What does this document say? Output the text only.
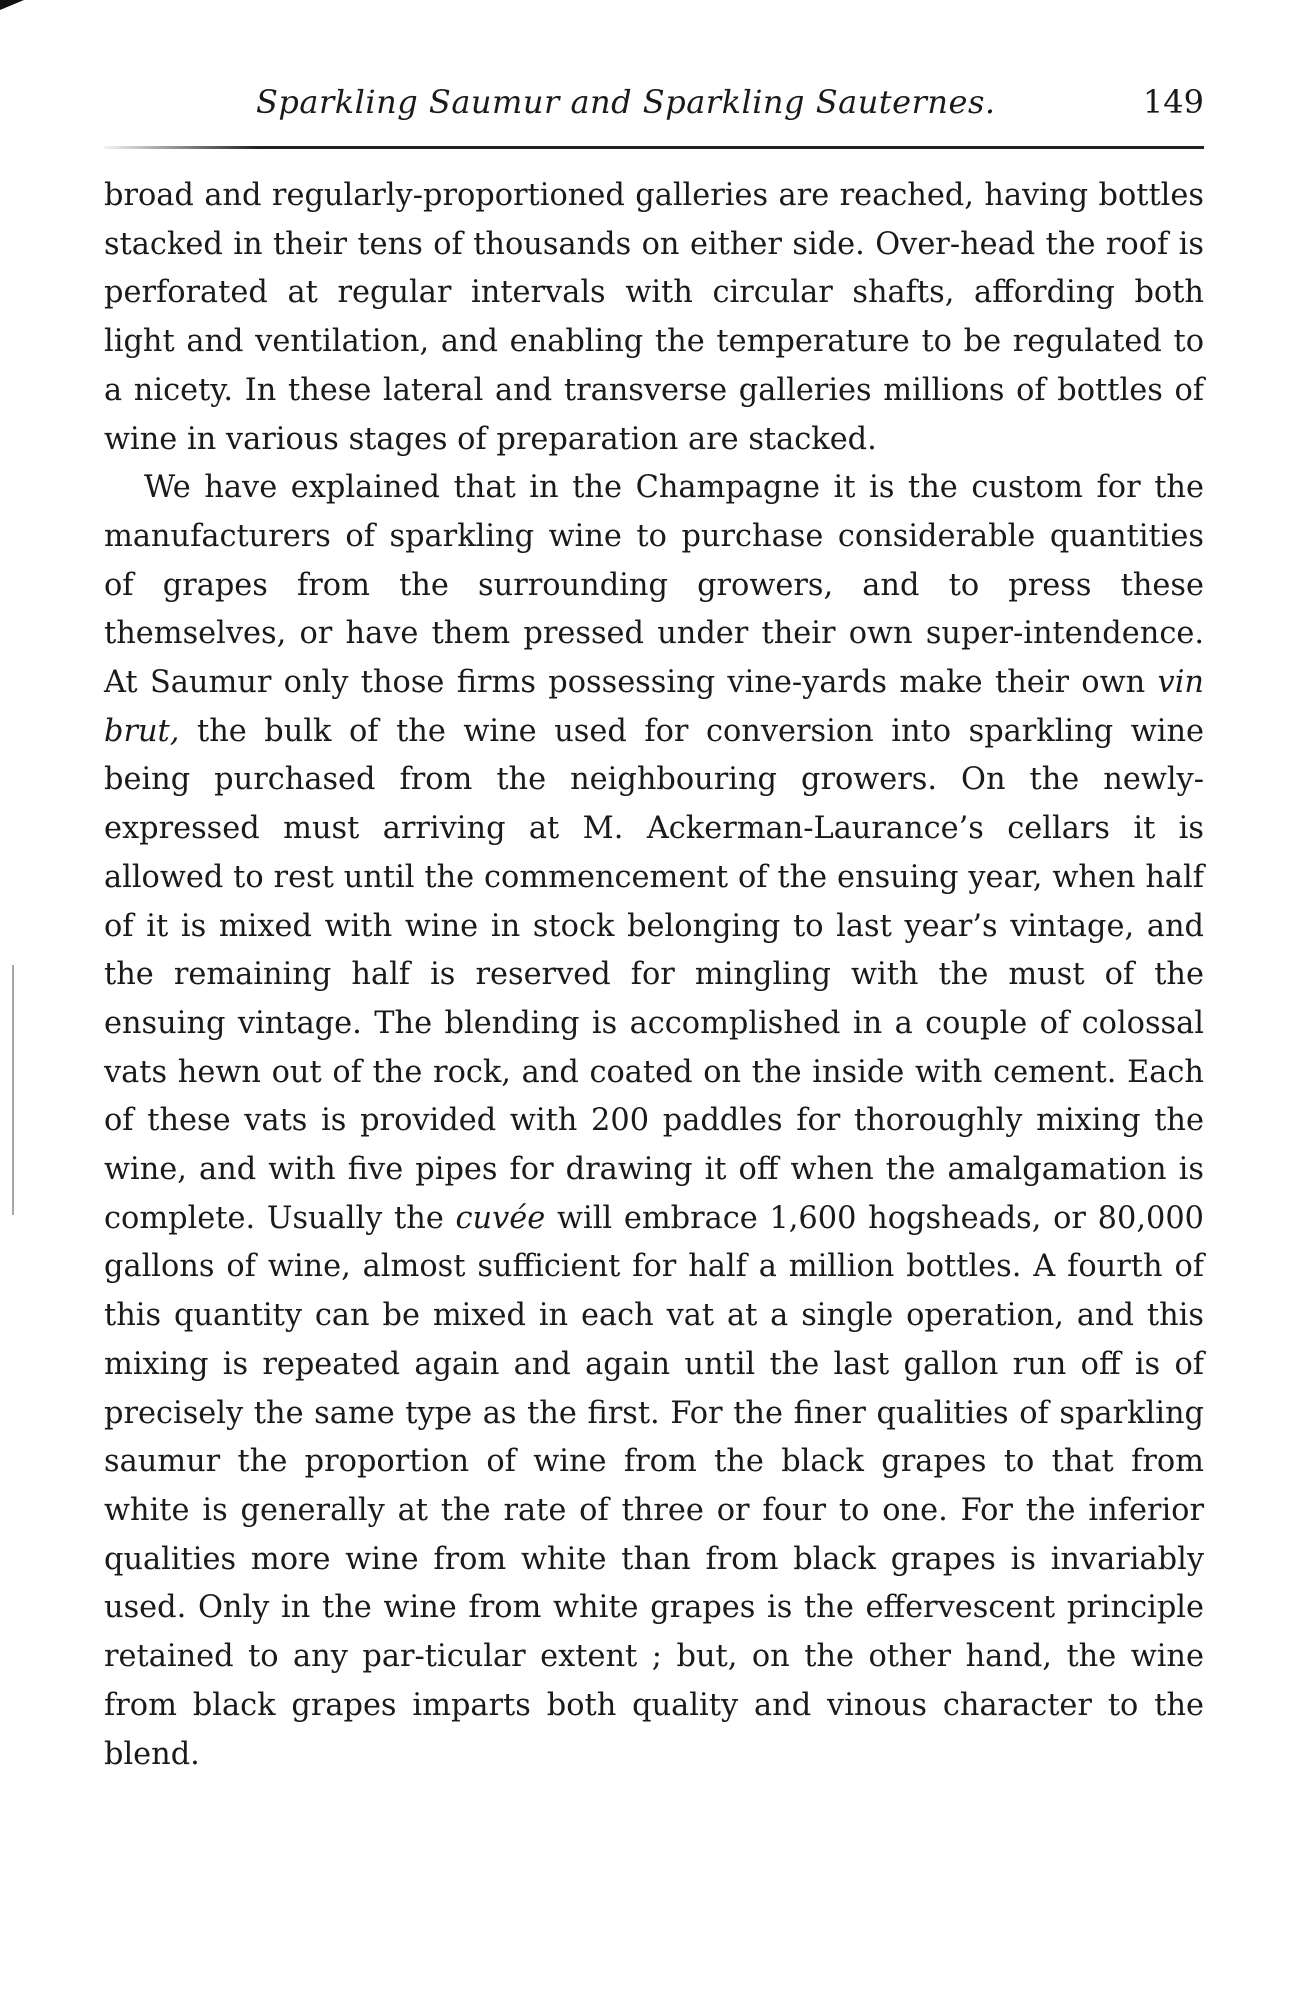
Sparkling Saumur and Sparkling Sauternes.	149

broad and regularly-proportioned galleries are reached, having bottles stacked in their tens of thousands on either side. Over-head the roof is perforated at regular intervals with circular shafts, affording both light and ventilation, and enabling the temperature to be regulated to a nicety. In these lateral and transverse galleries millions of bottles of wine in various stages of preparation are stacked.

We have explained that in the Champagne it is the custom for the manufacturers of sparkling wine to purchase considerable quantities of grapes from the surrounding growers, and to press these themselves, or have them pressed under their own super-intendence. At Saumur only those firms possessing vine-yards make their own vin brut, the bulk of the wine used for conversion into sparkling wine being purchased from the neighbouring growers. On the newly-expressed must arriving at M. Ackerman-Laurance’s cellars it is allowed to rest until the commencement of the ensuing year, when half of it is mixed with wine in stock belonging to last year’s vintage, and the remaining half is reserved for mingling with the must of the ensuing vintage. The blending is accomplished in a couple of colossal vats hewn out of the rock, and coated on the inside with cement. Each of these vats is provided with 200 paddles for thoroughly mixing the wine, and with five pipes for drawing it off when the amalgamation is complete. Usually the cuvée will embrace 1,600 hogsheads, or 80,000 gallons of wine, almost sufficient for half a million bottles. A fourth of this quantity can be mixed in each vat at a single operation, and this mixing is repeated again and again until the last gallon run off is of precisely the same type as the first. For the finer qualities of sparkling saumur the proportion of wine from the black grapes to that from white is generally at the rate of three or four to one. For the inferior qualities more wine from white than from black grapes is invariably used. Only in the wine from white grapes is the effervescent principle retained to any par-ticular extent ; but, on the other hand, the wine from black grapes imparts both quality and vinous character to the blend.
